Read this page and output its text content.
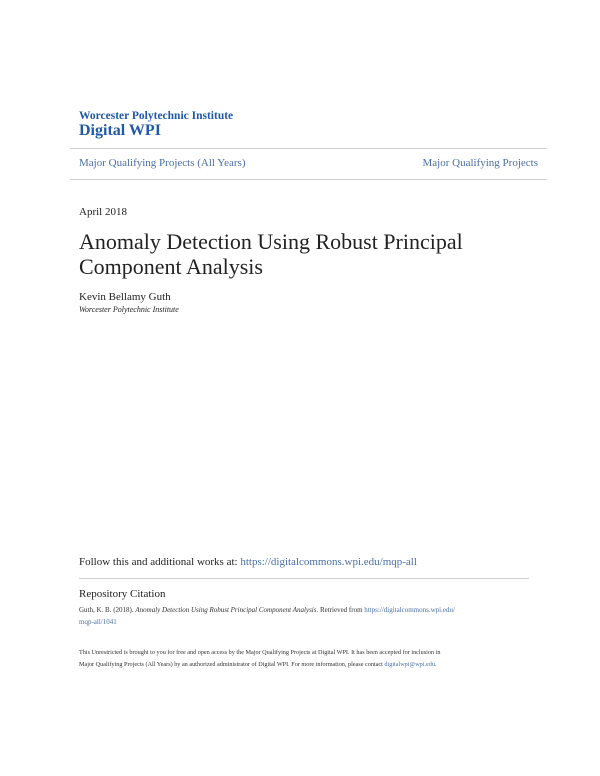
Worcester Polytechnic Institute
Digital WPI
Major Qualifying Projects (All Years)	Major Qualifying Projects
April 2018
Anomaly Detection Using Robust Principal
Component Analysis
Kevin Bellamy Guth
Worcester Polytechnic Institute
Follow this and additional works at: https://digitalcommons.wpi.edu/mqp-all
Repository Citation
Guth, K. B. (2018). Anomaly Detection Using Robust Principal Component Analysis. Retrieved from https://digitalcommons.wpi.edu/
mqp-all/1041
This Unrestricted is brought to you for free and open access by the Major Qualifying Projects at Digital WPI. It has been accepted for inclusion in
Major Qualifying Projects (All Years) by an authorized administrator of Digital WPI. For more information, please contact digitalwpi@wpi.edu.
